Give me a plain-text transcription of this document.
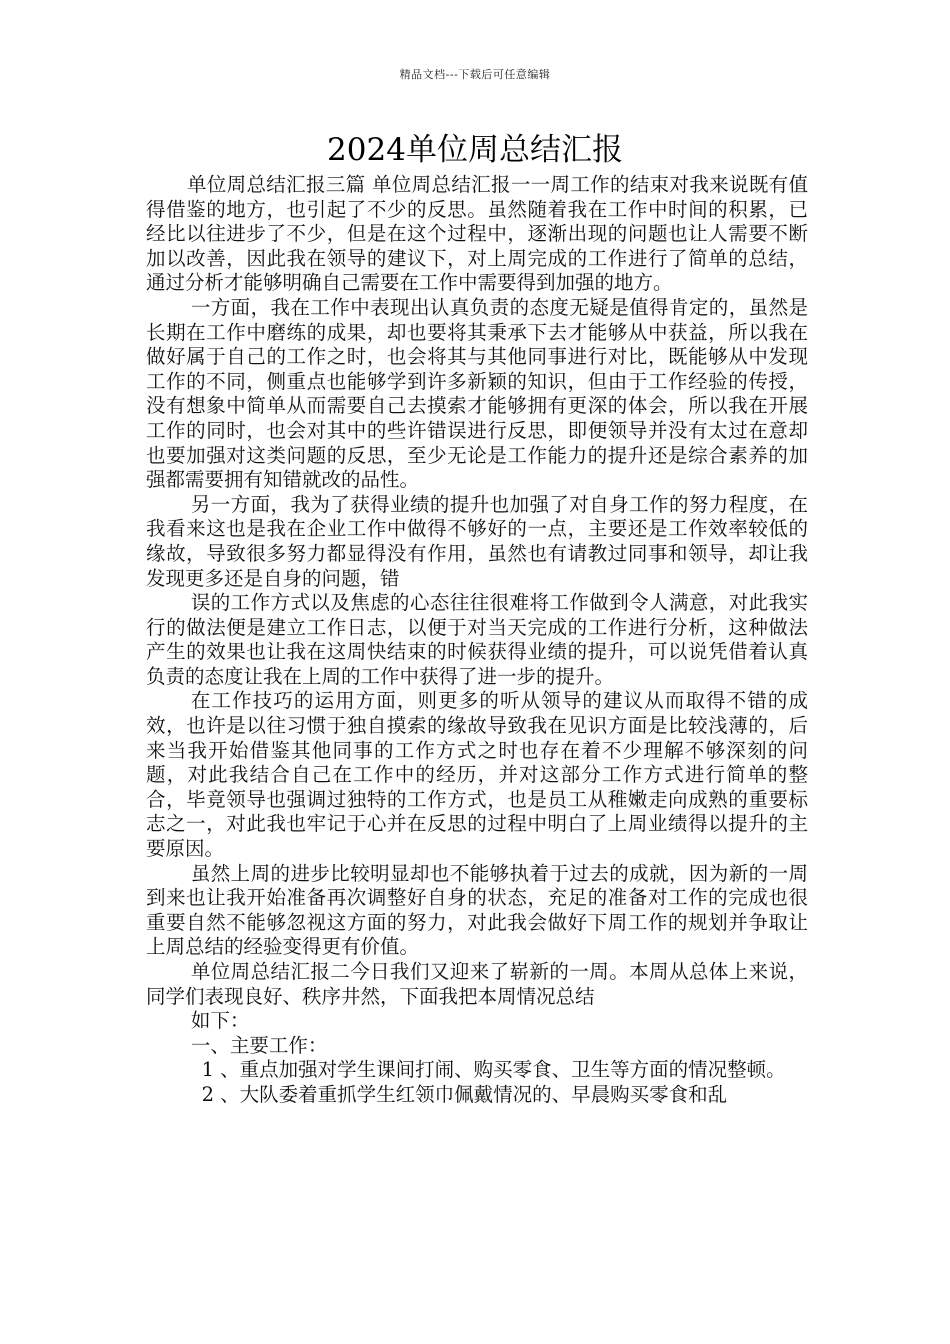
精品文档---下载后可任意编辑
2024单位周总结汇报

单位周总结汇报三篇 单位周总结汇报一一周工作的结束对我来说既有值得借鉴的地方，也引起了不少的反思。虽然随着我在工作中时间的积累，已经比以往进步了不少，但是在这个过程中，逐渐出现的问题也让人需要不断加以改善，因此我在领导的建议下，对上周完成的工作进行了简单的总结，通过分析才能够明确自己需要在工作中需要得到加强的地方。

一方面，我在工作中表现出认真负责的态度无疑是值得肯定的，虽然是长期在工作中磨练的成果，却也要将其秉承下去才能够从中获益，所以我在做好属于自己的工作之时，也会将其与其他同事进行对比，既能够从中发现工作的不同，侧重点也能够学到许多新颖的知识，但由于工作经验的传授，没有想象中简单从而需要自己去摸索才能够拥有更深的体会，所以我在开展工作的同时，也会对其中的些许错误进行反思，即便领导并没有太过在意却也要加强对这类问题的反思，至少无论是工作能力的提升还是综合素养的加强都需要拥有知错就改的品性。

另一方面，我为了获得业绩的提升也加强了对自身工作的努力程度，在我看来这也是我在企业工作中做得不够好的一点，主要还是工作效率较低的缘故，导致很多努力都显得没有作用，虽然也有请教过同事和领导，却让我发现更多还是自身的问题，错

误的工作方式以及焦虑的心态往往很难将工作做到令人满意，对此我实行的做法便是建立工作日志，以便于对当天完成的工作进行分析，这种做法产生的效果也让我在这周快结束的时候获得业绩的提升，可以说凭借着认真负责的态度让我在上周的工作中获得了进一步的提升。

在工作技巧的运用方面，则更多的听从领导的建议从而取得不错的成效，也许是以往习惯于独自摸索的缘故导致我在见识方面是比较浅薄的，后来当我开始借鉴其他同事的工作方式之时也存在着不少理解不够深刻的问题，对此我结合自己在工作中的经历，并对这部分工作方式进行简单的整合，毕竟领导也强调过独特的工作方式，也是员工从稚嫩走向成熟的重要标志之一，对此我也牢记于心并在反思的过程中明白了上周业绩得以提升的主要原因。

虽然上周的进步比较明显却也不能够执着于过去的成就，因为新的一周到来也让我开始准备再次调整好自身的状态，充足的准备对工作的完成也很重要自然不能够忽视这方面的努力，对此我会做好下周工作的规划并争取让上周总结的经验变得更有价值。

单位周总结汇报二今日我们又迎来了崭新的一周。本周从总体上来说，同学们表现良好、秩序井然，下面我把本周情况总结

如下：

一、主要工作：

1 、重点加强对学生课间打闹、购买零食、卫生等方面的情况整顿。

2 、大队委着重抓学生红领巾佩戴情况的、早晨购买零食和乱
